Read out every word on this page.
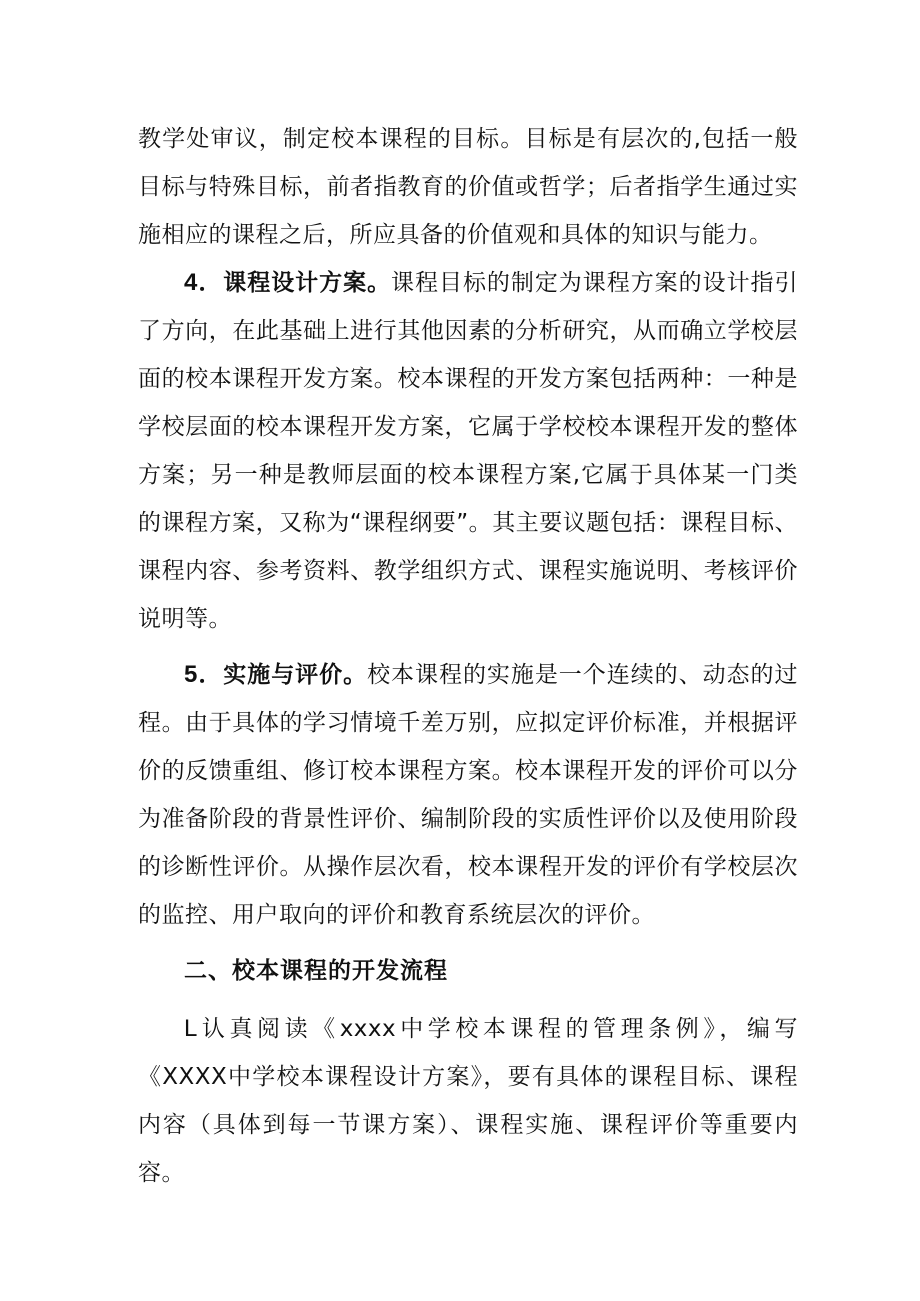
教学处审议，制定校本课程的目标。目标是有层次的,包括一般目标与特殊目标，前者指教育的价值或哲学；后者指学生通过实施相应的课程之后，所应具备的价值观和具体的知识与能力。

4．课程设计方案。课程目标的制定为课程方案的设计指引了方向，在此基础上进行其他因素的分析研究，从而确立学校层面的校本课程开发方案。校本课程的开发方案包括两种：一种是学校层面的校本课程开发方案，它属于学校校本课程开发的整体方案；另一种是教师层面的校本课程方案,它属于具体某一门类的课程方案，又称为“课程纲要”。其主要议题包括：课程目标、课程内容、参考资料、教学组织方式、课程实施说明、考核评价说明等。

5．实施与评价。校本课程的实施是一个连续的、动态的过程。由于具体的学习情境千差万别，应拟定评价标准，并根据评价的反馈重组、修订校本课程方案。校本课程开发的评价可以分为准备阶段的背景性评价、编制阶段的实质性评价以及使用阶段的诊断性评价。从操作层次看，校本课程开发的评价有学校层次的监控、用户取向的评价和教育系统层次的评价。

二、校本课程的开发流程

L认真阅读《xxxx中学校本课程的管理条例》，编写《XXXX中学校本课程设计方案》，要有具体的课程目标、课程内容（具体到每一节课方案）、课程实施、课程评价等重要内容。
